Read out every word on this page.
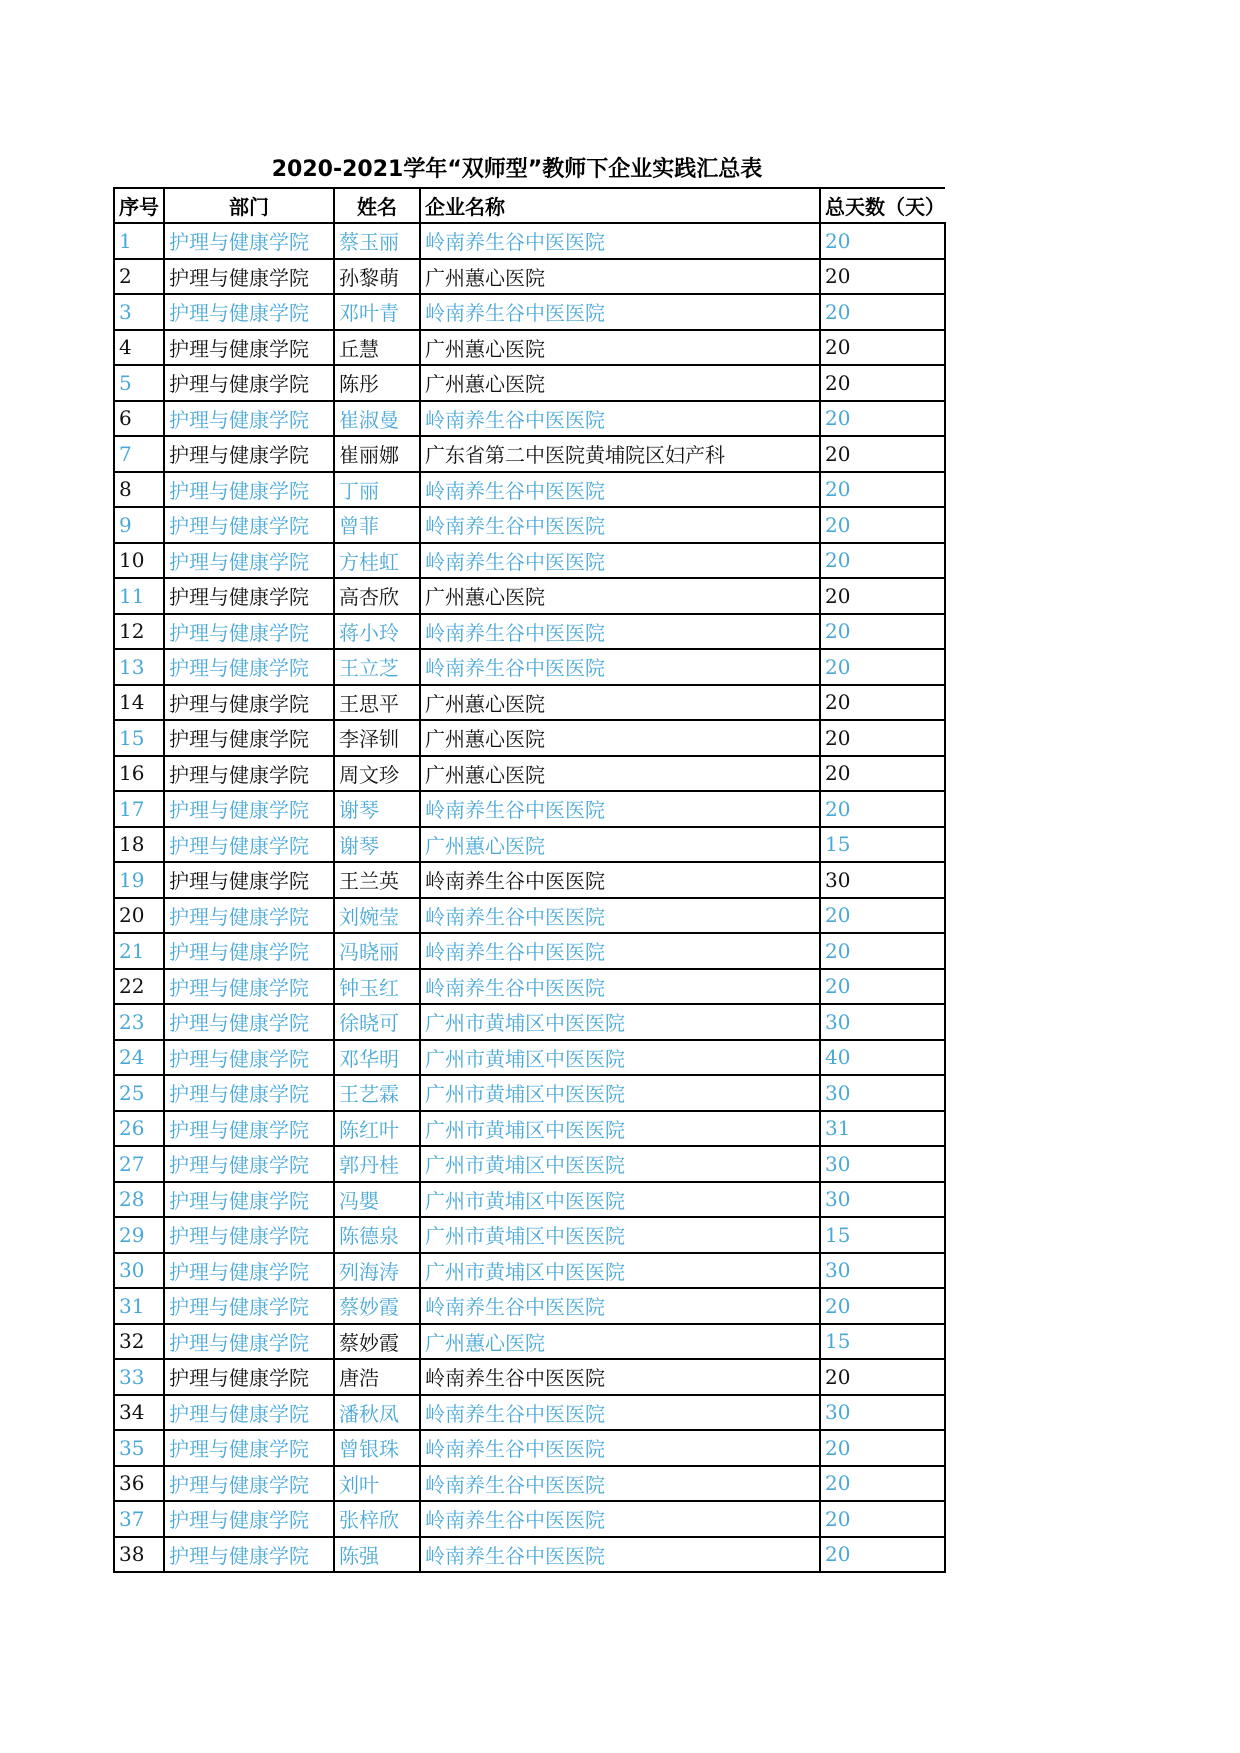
2020-2021学年“双师型”教师下企业实践汇总表
序号	部门	姓名	企业名称	总天数（天）
1	护理与健康学院	蔡玉丽	岭南养生谷中医医院	20
2	护理与健康学院	孙黎萌	广州蕙心医院	20
3	护理与健康学院	邓叶青	岭南养生谷中医医院	20
4	护理与健康学院	丘慧	广州蕙心医院	20
5	护理与健康学院	陈彤	广州蕙心医院	20
6	护理与健康学院	崔淑曼	岭南养生谷中医医院	20
7	护理与健康学院	崔丽娜	广东省第二中医院黄埔院区妇产科	20
8	护理与健康学院	丁丽	岭南养生谷中医医院	20
9	护理与健康学院	曾菲	岭南养生谷中医医院	20
10	护理与健康学院	方桂虹	岭南养生谷中医医院	20
11	护理与健康学院	高杏欣	广州蕙心医院	20
12	护理与健康学院	蒋小玲	岭南养生谷中医医院	20
13	护理与健康学院	王立芝	岭南养生谷中医医院	20
14	护理与健康学院	王思平	广州蕙心医院	20
15	护理与健康学院	李泽钏	广州蕙心医院	20
16	护理与健康学院	周文珍	广州蕙心医院	20
17	护理与健康学院	谢琴	岭南养生谷中医医院	20
18	护理与健康学院	谢琴	广州蕙心医院	15
19	护理与健康学院	王兰英	岭南养生谷中医医院	30
20	护理与健康学院	刘婉莹	岭南养生谷中医医院	20
21	护理与健康学院	冯晓丽	岭南养生谷中医医院	20
22	护理与健康学院	钟玉红	岭南养生谷中医医院	20
23	护理与健康学院	徐晓可	广州市黄埔区中医医院	30
24	护理与健康学院	邓华明	广州市黄埔区中医医院	40
25	护理与健康学院	王艺霖	广州市黄埔区中医医院	30
26	护理与健康学院	陈红叶	广州市黄埔区中医医院	31
27	护理与健康学院	郭丹桂	广州市黄埔区中医医院	30
28	护理与健康学院	冯嬰	广州市黄埔区中医医院	30
29	护理与健康学院	陈德泉	广州市黄埔区中医医院	15
30	护理与健康学院	列海涛	广州市黄埔区中医医院	30
31	护理与健康学院	蔡妙霞	岭南养生谷中医医院	20
32	护理与健康学院	蔡妙霞	广州蕙心医院	15
33	护理与健康学院	唐浩	岭南养生谷中医医院	20
34	护理与健康学院	潘秋凤	岭南养生谷中医医院	30
35	护理与健康学院	曾银珠	岭南养生谷中医医院	20
36	护理与健康学院	刘叶	岭南养生谷中医医院	20
37	护理与健康学院	张梓欣	岭南养生谷中医医院	20
38	护理与健康学院	陈强	岭南养生谷中医医院	20
